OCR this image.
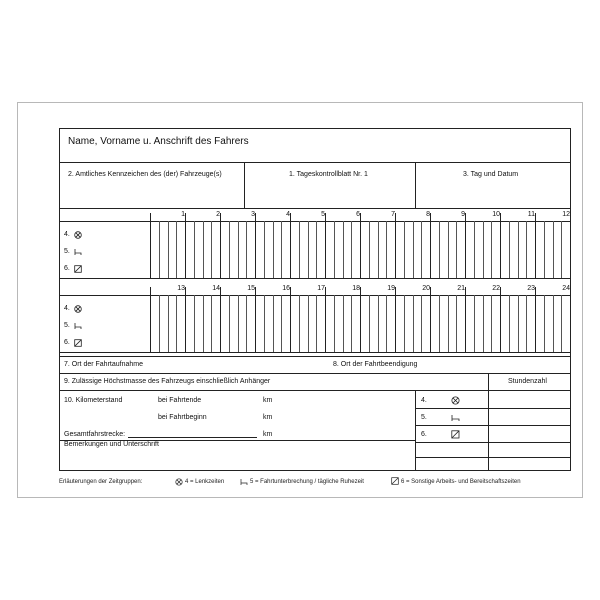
Name, Vorname u. Anschrift des Fahrers
2. Amtliches Kennzeichen des (der) Fahrzeuge(s)	1. Tageskontrollblatt Nr. 1	3. Tag und Datum
7. Ort der Fahrtaufnahme	8. Ort der Fahrtbeendigung
9. Zulässige Höchstmasse des Fahrzeugs einschließlich Anhänger	Stundenzahl
10. Kilometerstand	bei Fahrtende	km
bei Fahrtbeginn	km
Gesamtfahrstrecke:	km
Bemerkungen und Unterschrift
4.
5.
6.
1	2	3	4	5	6	7	8	9	10	11	12
4.
5.
6.
13	14	15	16	17	18	19	20	21	22	23	24
4.
5.
6.
Erläuterungen der Zeitgruppen:	4 = Lenkzeiten	5 = Fahrtunterbrechung / tägliche Ruhezeit	6 = Sonstige Arbeits- und Bereitschaftszeiten
